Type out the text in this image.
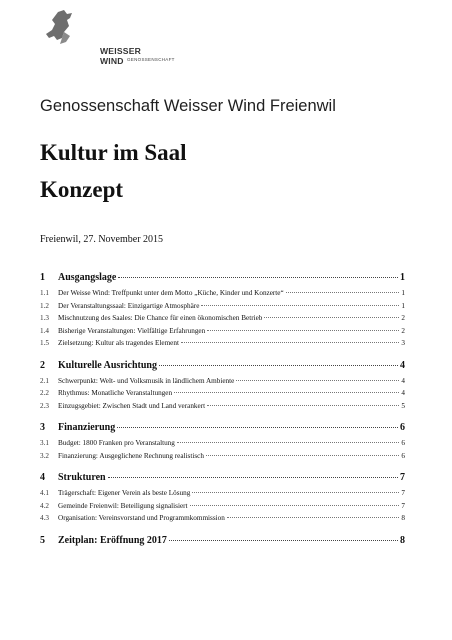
WEISSER WIND GENOSSENSCHAFT
Genossenschaft Weisser Wind Freienwil
Kultur im Saal
Konzept
Freienwil, 27. November 2015
1	Ausgangslage	1
1.1	Der Weisse Wind: Treffpunkt unter dem Motto „Küche, Kinder und Konzerte“	1
1.2	Der Veranstaltungssaal: Einzigartige Atmosphäre	1
1.3	Mischnutzung des Saales: Die Chance für einen ökonomischen Betrieb	2
1.4	Bisherige Veranstaltungen: Vielfältige Erfahrungen	2
1.5	Zielsetzung: Kultur als tragendes Element	3
2	Kulturelle Ausrichtung	4
2.1	Schwerpunkt: Welt- und Volksmusik in ländlichem Ambiente	4
2.2	Rhythmus: Monatliche Veranstaltungen	4
2.3	Einzugsgebiet: Zwischen Stadt und Land verankert	5
3	Finanzierung	6
3.1	Budget: 1800 Franken pro Veranstaltung	6
3.2	Finanzierung: Ausgeglichene Rechnung realistisch	6
4	Strukturen	7
4.1	Trägerschaft: Eigener Verein als beste Lösung	7
4.2	Gemeinde Freienwil: Beteiligung signalisiert	7
4.3	Organisation: Vereinsvorstand und Programmkommission	8
5	Zeitplan: Eröffnung 2017	8
